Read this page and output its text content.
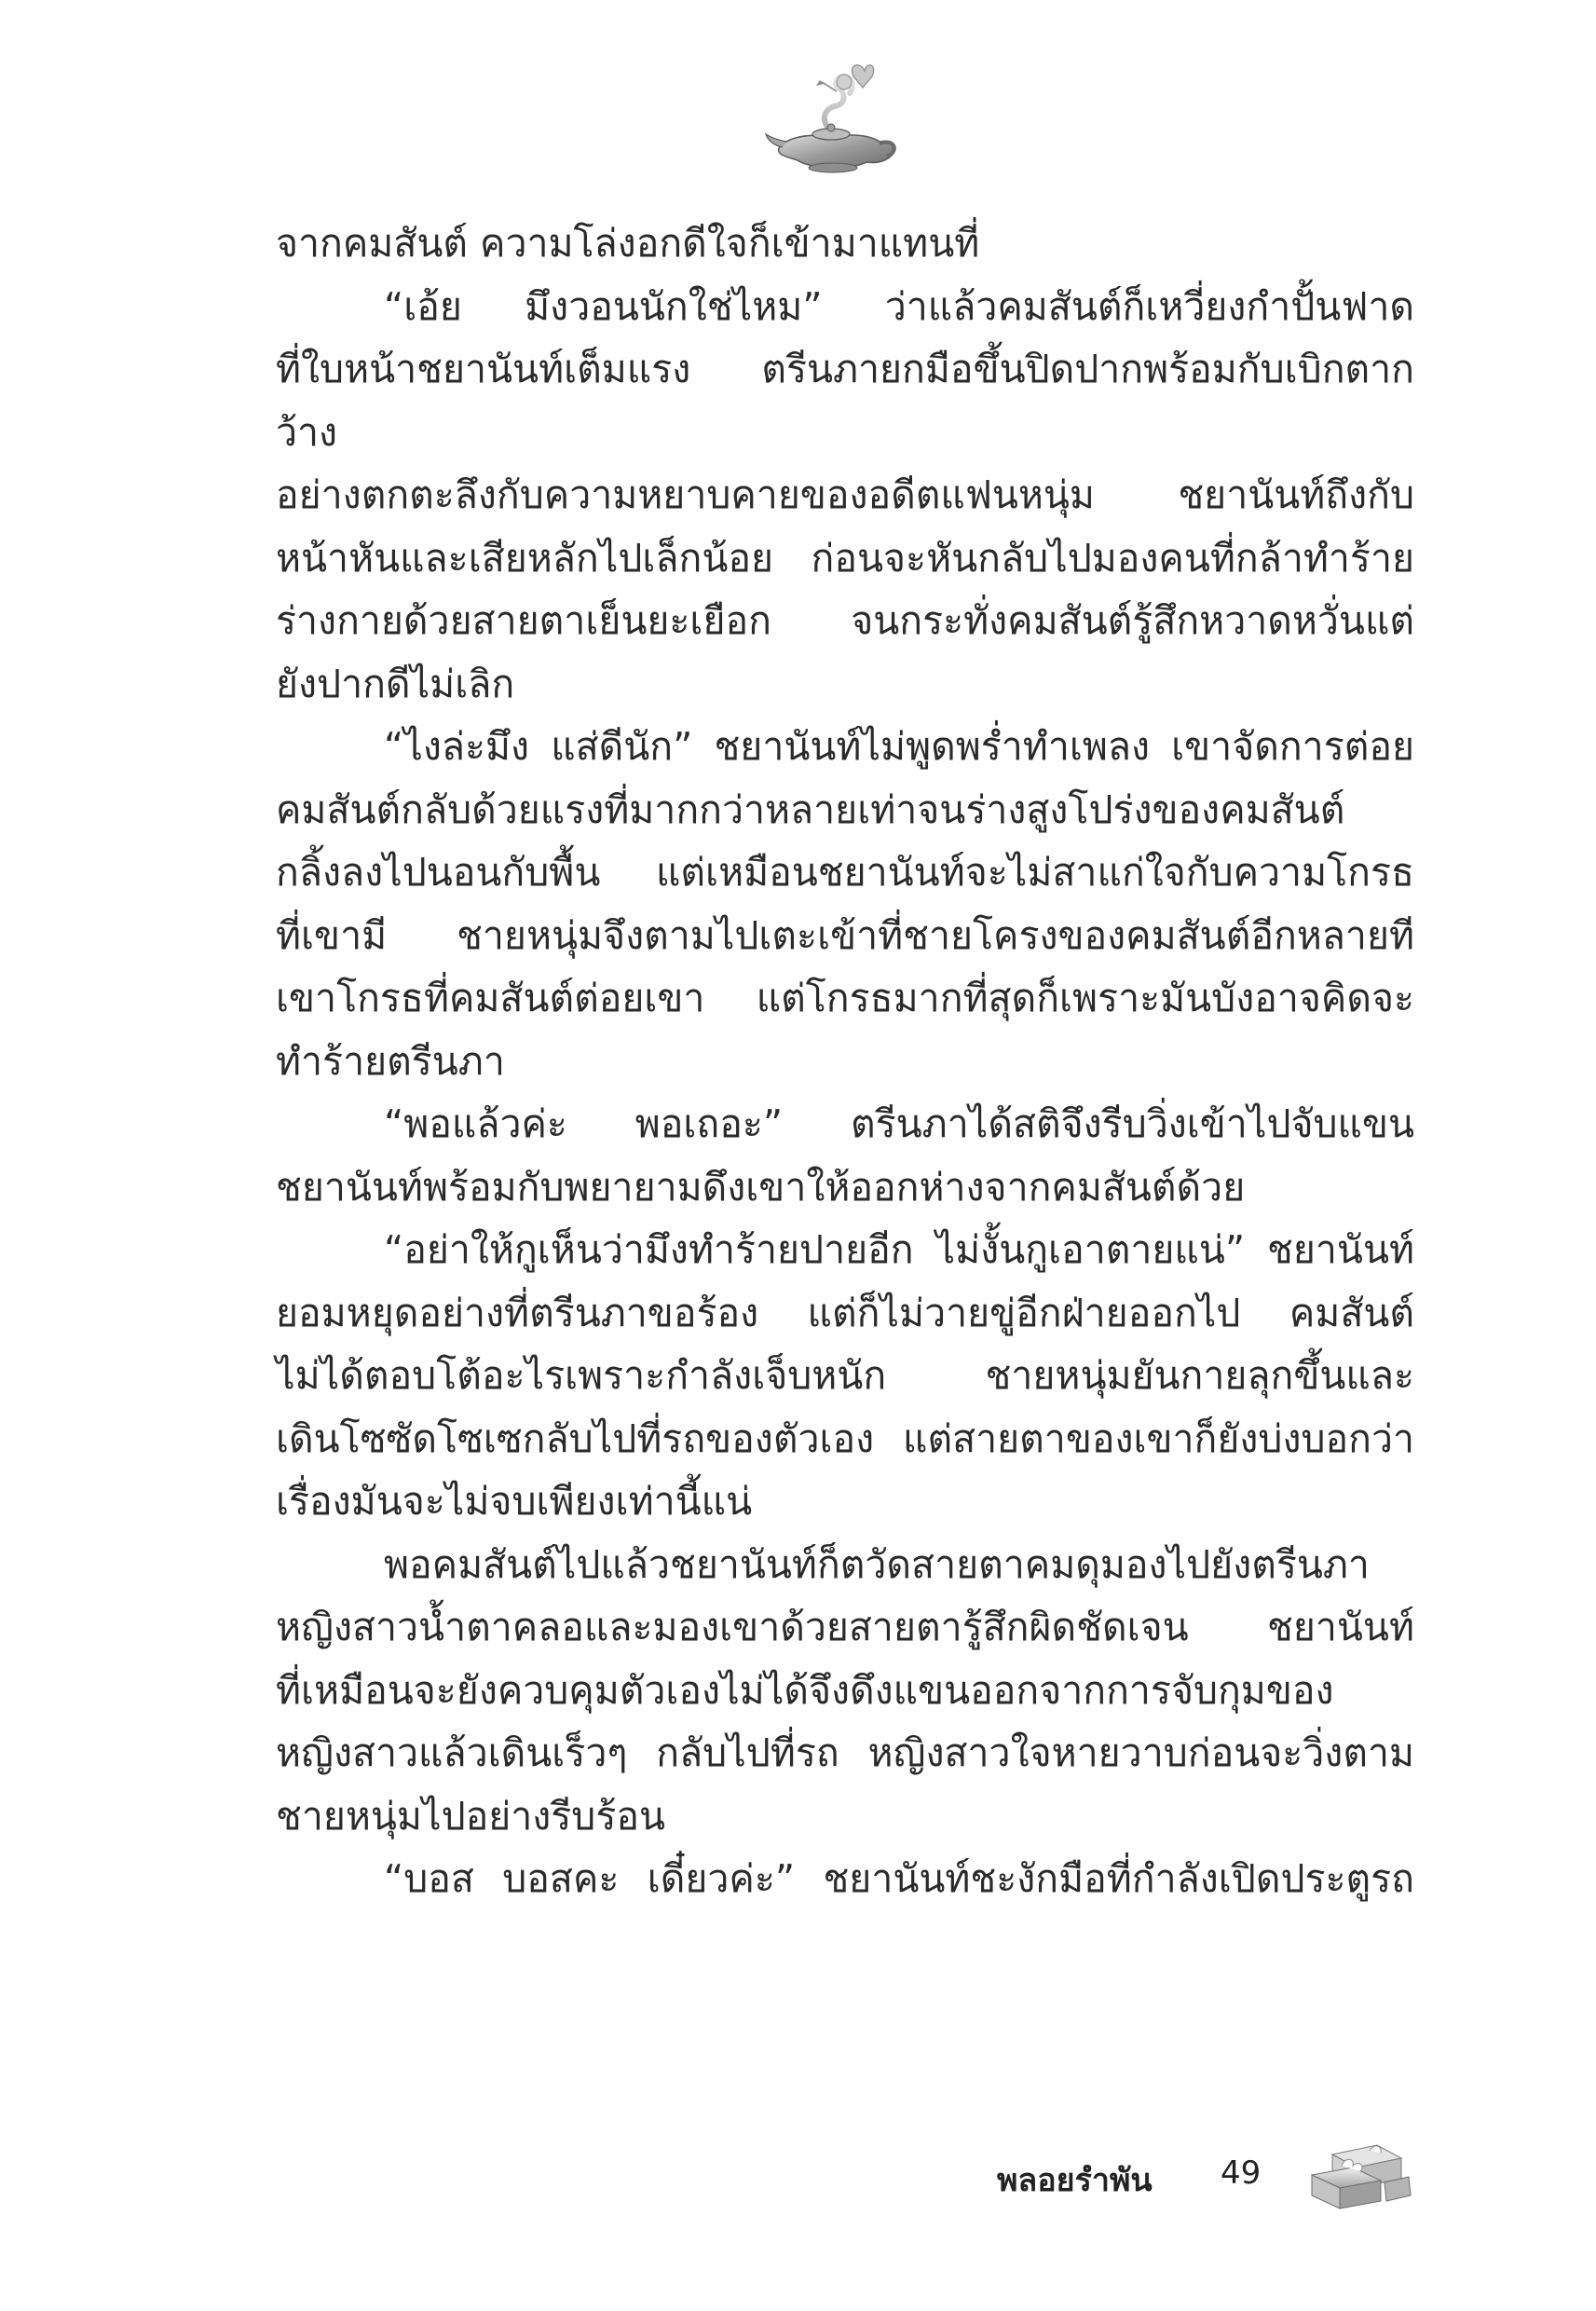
จากคมสันต์ ความโล่งอกดีใจก็เข้ามาแทนที่

“เอ้ย มึงวอนนักใช่ไหม” ว่าแล้วคมสันต์ก็เหวี่ยงกำปั้นฟาด

ที่ใบหน้าชยานันท์เต็มแรง ตรีนภายกมือขึ้นปิดปากพร้อมกับเบิกตากว้าง

อย่างตกตะลึงกับความหยาบคายของอดีตแฟนหนุ่ม ชยานันท์ถึงกับ

หน้าหันและเสียหลักไปเล็กน้อย ก่อนจะหันกลับไปมองคนที่กล้าทำร้าย

ร่างกายด้วยสายตาเย็นยะเยือก จนกระทั่งคมสันต์รู้สึกหวาดหวั่นแต่

ยังปากดีไม่เลิก

“ไงล่ะมึง แส่ดีนัก” ชยานันท์ไม่พูดพร่ำทำเพลง เขาจัดการต่อย

คมสันต์กลับด้วยแรงที่มากกว่าหลายเท่าจนร่างสูงโปร่งของคมสันต์

กลิ้งลงไปนอนกับพื้น แต่เหมือนชยานันท์จะไม่สาแก่ใจกับความโกรธ

ที่เขามี ชายหนุ่มจึงตามไปเตะเข้าที่ชายโครงของคมสันต์อีกหลายที

เขาโกรธที่คมสันต์ต่อยเขา แต่โกรธมากที่สุดก็เพราะมันบังอาจคิดจะ

ทำร้ายตรีนภา

“พอแล้วค่ะ พอเถอะ” ตรีนภาได้สติจึงรีบวิ่งเข้าไปจับแขน

ชยานันท์พร้อมกับพยายามดึงเขาให้ออกห่างจากคมสันต์ด้วย

“อย่าให้กูเห็นว่ามึงทำร้ายปายอีก ไม่งั้นกูเอาตายแน่” ชยานันท์

ยอมหยุดอย่างที่ตรีนภาขอร้อง แต่ก็ไม่วายขู่อีกฝ่ายออกไป คมสันต์

ไม่ได้ตอบโต้อะไรเพราะกำลังเจ็บหนัก ชายหนุ่มยันกายลุกขึ้นและ

เดินโซซัดโซเซกลับไปที่รถของตัวเอง แต่สายตาของเขาก็ยังบ่งบอกว่า

เรื่องมันจะไม่จบเพียงเท่านี้แน่

พอคมสันต์ไปแล้วชยานันท์ก็ตวัดสายตาคมดุมองไปยังตรีนภา

หญิงสาวน้ำตาคลอและมองเขาด้วยสายตารู้สึกผิดชัดเจน ชยานันท์

ที่เหมือนจะยังควบคุมตัวเองไม่ได้จึงดึงแขนออกจากการจับกุมของ

หญิงสาวแล้วเดินเร็วๆ กลับไปที่รถ หญิงสาวใจหายวาบก่อนจะวิ่งตาม

ชายหนุ่มไปอย่างรีบร้อน

“บอส บอสคะ เดี๋ยวค่ะ” ชยานันท์ชะงักมือที่กำลังเปิดประตูรถ

พลอยรำพัน 49
